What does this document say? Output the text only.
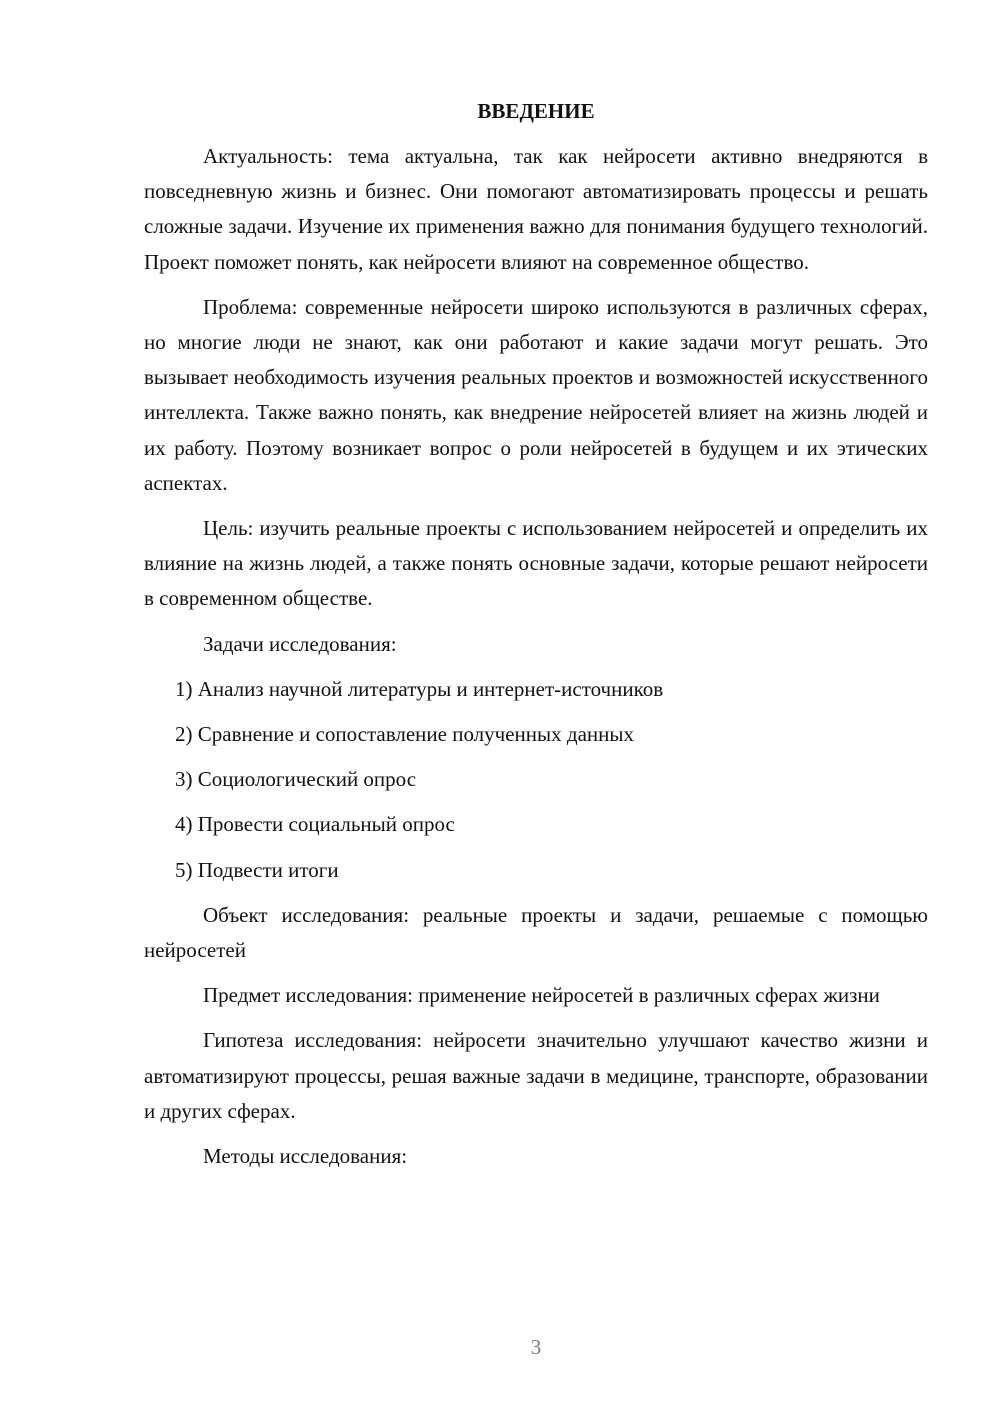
ВВЕДЕНИЕ

Актуальность: тема актуальна, так как нейросети активно внедряются в повседневную жизнь и бизнес. Они помогают автоматизировать процессы и решать сложные задачи. Изучение их применения важно для понимания будущего технологий. Проект поможет понять, как нейросети влияют на современное общество.

Проблема: современные нейросети широко используются в различных сферах, но многие люди не знают, как они работают и какие задачи могут решать. Это вызывает необходимость изучения реальных проектов и возможностей искусственного интеллекта. Также важно понять, как внедрение нейросетей влияет на жизнь людей и их работу. Поэтому возникает вопрос о роли нейросетей в будущем и их этических аспектах.

Цель: изучить реальные проекты с использованием нейросетей и определить их влияние на жизнь людей, а также понять основные задачи, которые решают нейросети в современном обществе.

Задачи исследования:

1) Анализ научной литературы и интернет-источников
2) Сравнение и сопоставление полученных данных
3) Социологический опрос
4) Провести социальный опрос
5) Подвести итоги

Объект исследования: реальные проекты и задачи, решаемые с помощью нейросетей

Предмет исследования: применение нейросетей в различных сферах жизни

Гипотеза исследования: нейросети значительно улучшают качество жизни и автоматизируют процессы, решая важные задачи в медицине, транспорте, образовании и других сферах.

Методы исследования:

3
